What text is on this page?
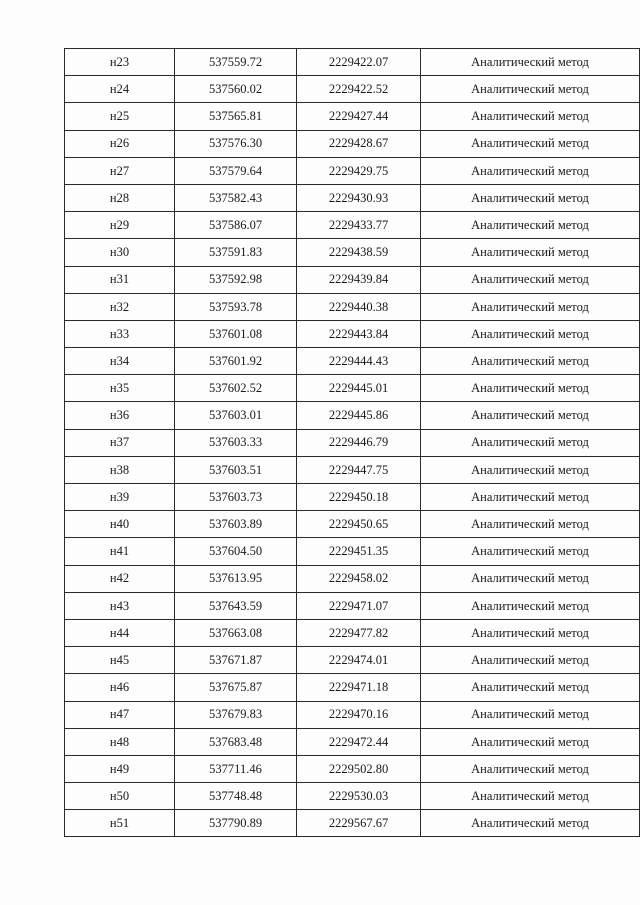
н23	537559.72	2229422.07	Аналитический метод
н24	537560.02	2229422.52	Аналитический метод
н25	537565.81	2229427.44	Аналитический метод
н26	537576.30	2229428.67	Аналитический метод
н27	537579.64	2229429.75	Аналитический метод
н28	537582.43	2229430.93	Аналитический метод
н29	537586.07	2229433.77	Аналитический метод
н30	537591.83	2229438.59	Аналитический метод
н31	537592.98	2229439.84	Аналитический метод
н32	537593.78	2229440.38	Аналитический метод
н33	537601.08	2229443.84	Аналитический метод
н34	537601.92	2229444.43	Аналитический метод
н35	537602.52	2229445.01	Аналитический метод
н36	537603.01	2229445.86	Аналитический метод
н37	537603.33	2229446.79	Аналитический метод
н38	537603.51	2229447.75	Аналитический метод
н39	537603.73	2229450.18	Аналитический метод
н40	537603.89	2229450.65	Аналитический метод
н41	537604.50	2229451.35	Аналитический метод
н42	537613.95	2229458.02	Аналитический метод
н43	537643.59	2229471.07	Аналитический метод
н44	537663.08	2229477.82	Аналитический метод
н45	537671.87	2229474.01	Аналитический метод
н46	537675.87	2229471.18	Аналитический метод
н47	537679.83	2229470.16	Аналитический метод
н48	537683.48	2229472.44	Аналитический метод
н49	537711.46	2229502.80	Аналитический метод
н50	537748.48	2229530.03	Аналитический метод
н51	537790.89	2229567.67	Аналитический метод
